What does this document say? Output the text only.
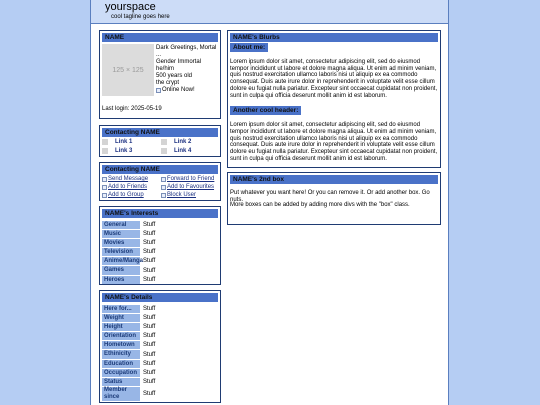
yourspace
cool tagline goes here
NAME
125 × 125
Dark Greetings, Mortal
...
Gender Immortal
he/him
500 years old
the crypt
Online Now!
Last login: 2025-05-19
Contacting NAME
Link 1	Link 2
Link 3	Link 4
Contacting NAME
Send Message	Forward to Friend
Add to Friends	Add to Favourites
Add to Group	Block User
NAME's Interests
General	Stuff
Music	Stuff
Movies	Stuff
Television	Stuff
Anime/Manga Stuff
Games	Stuff
Heroes	Stuff
NAME's Details
Here for...	Stuff
Weight	Stuff
Height	Stuff
Orientation	Stuff
Hometown	Stuff
Ethinicity	Stuff
Education	Stuff
Occupation Stuff
Status	Stuff
Member since	Stuff
NAME's Blurbs
About me:
Lorem ipsum dolor sit amet, consectetur adipiscing elit, sed do eiusmod tempor incididunt ut labore et dolore magna aliqua. Ut enim ad minim veniam, quis nostrud exercitation ullamco laboris nisi ut aliquip ex ea commodo consequat. Duis aute irure dolor in reprehenderit in voluptate velit esse cillum dolore eu fugiat nulla pariatur. Excepteur sint occaecat cupidatat non proident, sunt in culpa qui officia deserunt mollit anim id est laborum.
Another cool header:
Lorem ipsum dolor sit amet, consectetur adipiscing elit, sed do eiusmod tempor incididunt ut labore et dolore magna aliqua. Ut enim ad minim veniam, quis nostrud exercitation ullamco laboris nisi ut aliquip ex ea commodo consequat. Duis aute irure dolor in reprehenderit in voluptate velit esse cillum dolore eu fugiat nulla pariatur. Excepteur sint occaecat cupidatat non proident, sunt in culpa qui officia deserunt mollit anim id est laborum.
NAME's 2nd box
Put whatever you want here! Or you can remove it. Or add another box. Go nuts.
More boxes can be added by adding more divs with the "box" class.
